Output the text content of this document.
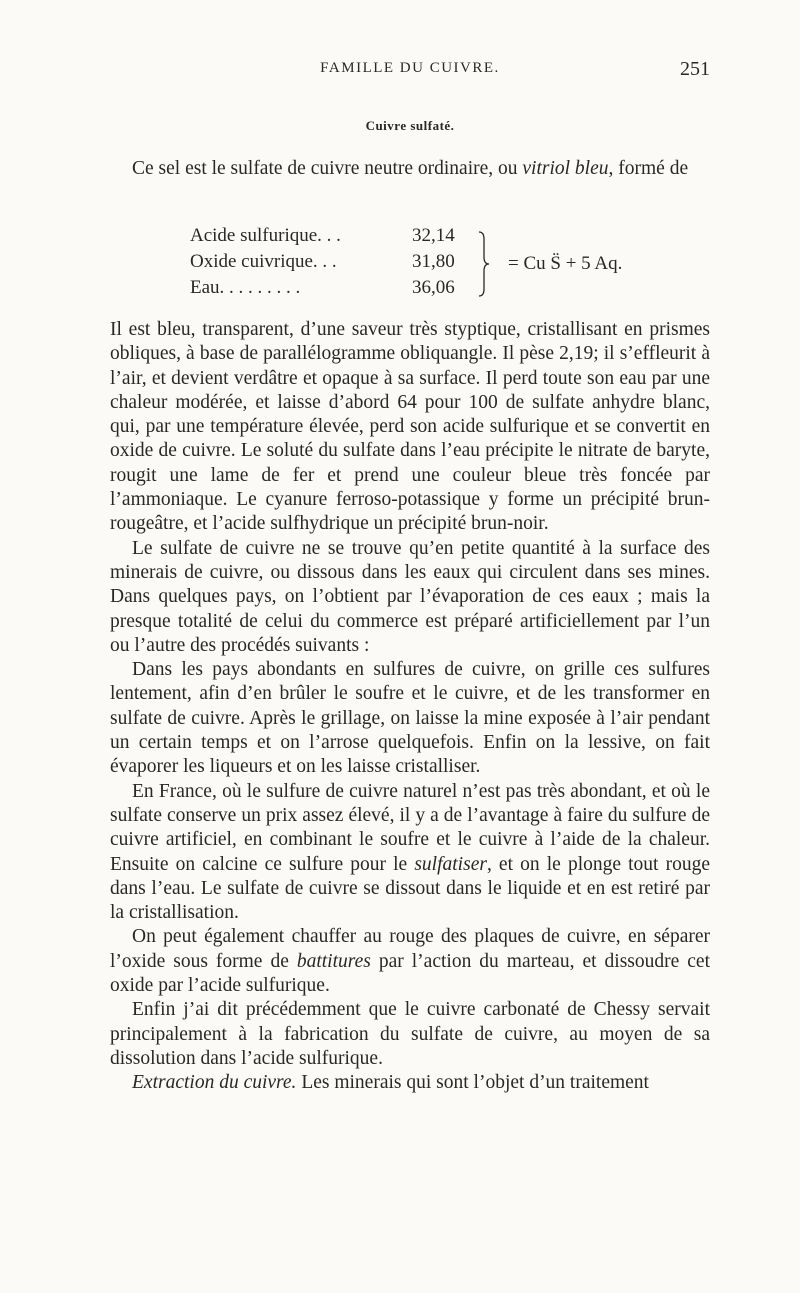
FAMILLE DU CUIVRE.	251
Cuivre sulfaté.
Ce sel est le sulfate de cuivre neutre ordinaire, ou vitriol bleu, formé de
Acide sulfurique. . .	32,14
Oxide cuivrique. . .	31,80
Eau. . . . . . . . .	36,06
= Cu S̈ + 5 Aq.

Il est bleu, transparent, d’une saveur très styptique, cristallisant en prismes obliques, à base de parallélogramme obliquangle. Il pèse 2,19; il s’effleurit à l’air, et devient verdâtre et opaque à sa surface. Il perd toute son eau par une chaleur modérée, et laisse d’abord 64 pour 100 de sulfate anhydre blanc, qui, par une température élevée, perd son acide sulfurique et se convertit en oxide de cuivre. Le soluté du sulfate dans l’eau précipite le nitrate de baryte, rougit une lame de fer et prend une couleur bleue très foncée par l’ammoniaque. Le cyanure ferroso-potassique y forme un précipité brun-rougeâtre, et l’acide sulfhydrique un précipité brun-noir.

Le sulfate de cuivre ne se trouve qu’en petite quantité à la surface des minerais de cuivre, ou dissous dans les eaux qui circulent dans ses mines. Dans quelques pays, on l’obtient par l’évaporation de ces eaux ; mais la presque totalité de celui du commerce est préparé artificiellement par l’un ou l’autre des procédés suivants :

Dans les pays abondants en sulfures de cuivre, on grille ces sulfures lentement, afin d’en brûler le soufre et le cuivre, et de les transformer en sulfate de cuivre. Après le grillage, on laisse la mine exposée à l’air pendant un certain temps et on l’arrose quelquefois. Enfin on la lessive, on fait évaporer les liqueurs et on les laisse cristalliser.

En France, où le sulfure de cuivre naturel n’est pas très abondant, et où le sulfate conserve un prix assez élevé, il y a de l’avantage à faire du sulfure de cuivre artificiel, en combinant le soufre et le cuivre à l’aide de la chaleur. Ensuite on calcine ce sulfure pour le sulfatiser, et on le plonge tout rouge dans l’eau. Le sulfate de cuivre se dissout dans le liquide et en est retiré par la cristallisation.

On peut également chauffer au rouge des plaques de cuivre, en séparer l’oxide sous forme de battitures par l’action du marteau, et dissoudre cet oxide par l’acide sulfurique.

Enfin j’ai dit précédemment que le cuivre carbonaté de Chessy servait principalement à la fabrication du sulfate de cuivre, au moyen de sa dissolution dans l’acide sulfurique.

Extraction du cuivre. Les minerais qui sont l’objet d’un traitement
